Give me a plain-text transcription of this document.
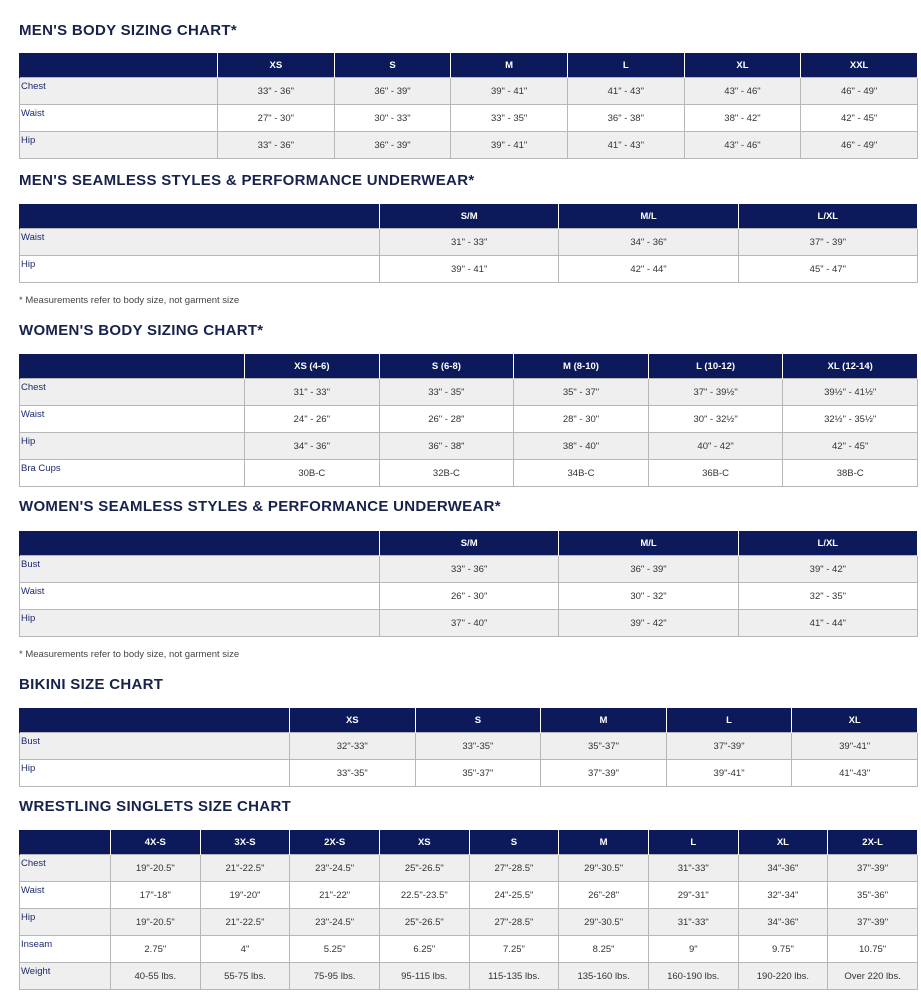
MEN'S BODY SIZING CHART*
	XS	S	M	L	XL	XXL
Chest	33" - 36"	36" - 39"	39" - 41"	41" - 43"	43" - 46"	46" - 49"
Waist	27" - 30"	30" - 33"	33" - 35"	36" - 38"	38" - 42"	42" - 45"
Hip	33" - 36"	36" - 39"	39" - 41"	41" - 43"	43" - 46"	46" - 49"
MEN'S SEAMLESS STYLES & PERFORMANCE UNDERWEAR*
	S/M	M/L	L/XL
Waist	31" - 33"	34" - 36"	37" - 39"
Hip	39" - 41"	42" - 44"	45" - 47"
* Measurements refer to body size, not garment size
WOMEN'S BODY SIZING CHART*
	XS (4-6)	S (6-8)	M (8-10)	L (10-12)	XL (12-14)
Chest	31" - 33"	33" - 35"	35" - 37"	37" - 39½"	39½" - 41½"
Waist	24" - 26"	26" - 28"	28" - 30"	30" - 32½"	32½" - 35½"
Hip	34" - 36"	36" - 38"	38" - 40"	40" - 42"	42" - 45"
Bra Cups	30B-C	32B-C	34B-C	36B-C	38B-C
WOMEN'S SEAMLESS STYLES & PERFORMANCE UNDERWEAR*
	S/M	M/L	L/XL
Bust	33" - 36"	36" - 39"	39" - 42"
Waist	26" - 30"	30" - 32"	32" - 35"
Hip	37" - 40"	39" - 42"	41" - 44"
* Measurements refer to body size, not garment size
BIKINI SIZE CHART
	XS	S	M	L	XL
Bust	32"-33"	33"-35"	35"-37"	37"-39"	39"-41"
Hip	33"-35"	35"-37"	37"-39"	39"-41"	41"-43"
WRESTLING SINGLETS SIZE CHART
	4X-S	3X-S	2X-S	XS	S	M	L	XL	2X-L
Chest	19"-20.5"	21"-22.5"	23"-24.5"	25"-26.5"	27"-28.5"	29"-30.5"	31"-33"	34"-36"	37"-39"
Waist	17"-18"	19"-20"	21"-22"	22.5"-23.5"	24"-25.5"	26"-28"	29"-31"	32"-34"	35"-36"
Hip	19"-20.5"	21"-22.5"	23"-24.5"	25"-26.5"	27"-28.5"	29"-30.5"	31"-33"	34"-36"	37"-39"
Inseam	2.75"	4"	5.25"	6.25"	7.25"	8.25"	9"	9.75"	10.75"
Weight	40-55 lbs.	55-75 lbs.	75-95 lbs.	95-115 lbs.	115-135 lbs.	135-160 lbs.	160-190 lbs.	190-220 lbs.	Over 220 lbs.
